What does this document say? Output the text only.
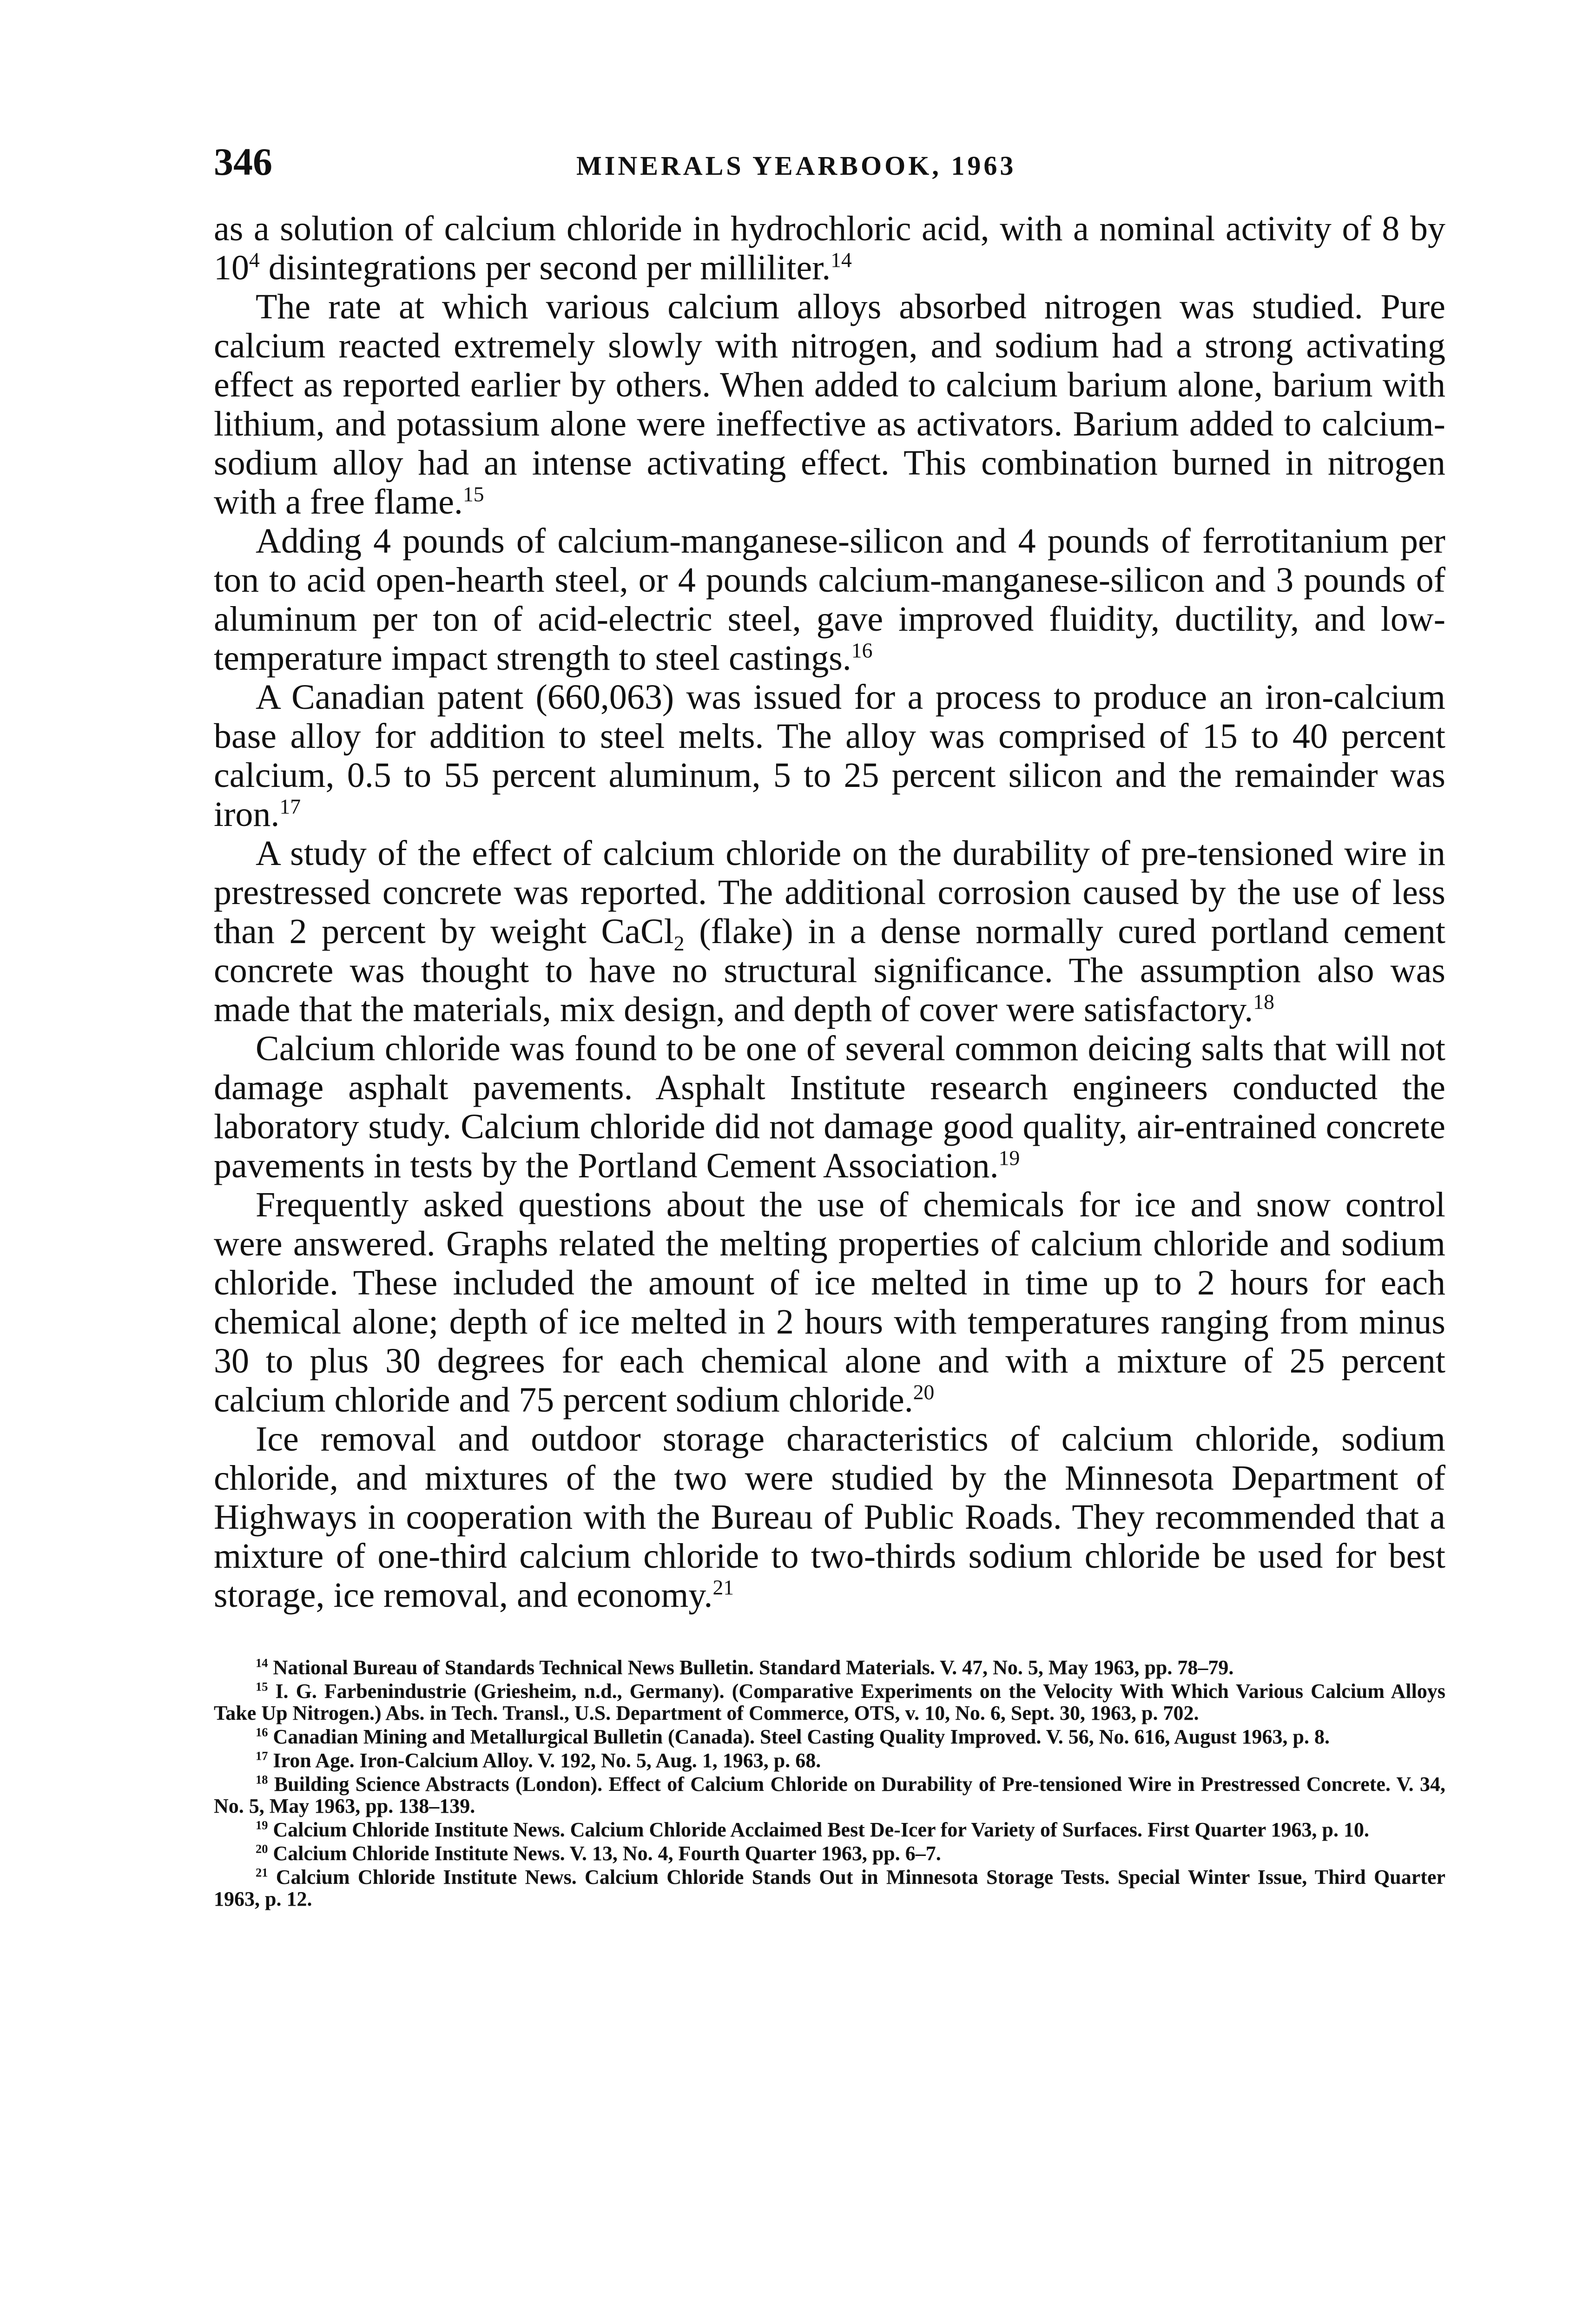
346	MINERALS YEARBOOK, 1963

as a solution of calcium chloride in hydrochloric acid, with a nominal activity of 8 by $10^4$ disintegrations per second per milliliter.$^{14}$

The rate at which various calcium alloys absorbed nitrogen was studied. Pure calcium reacted extremely slowly with nitrogen, and sodium had a strong activating effect as reported earlier by others. When added to calcium barium alone, barium with lithium, and potassium alone were ineffective as activators. Barium added to calcium-sodium alloy had an intense activating effect. This combination burned in nitrogen with a free flame.$^{15}$

Adding 4 pounds of calcium-manganese-silicon and 4 pounds of ferrotitanium per ton to acid open-hearth steel, or 4 pounds calcium-manganese-silicon and 3 pounds of aluminum per ton of acid-electric steel, gave improved fluidity, ductility, and low-temperature impact strength to steel castings.$^{16}$

A Canadian patent (660,063) was issued for a process to produce an iron-calcium base alloy for addition to steel melts. The alloy was comprised of 15 to 40 percent calcium, 0.5 to 55 percent aluminum, 5 to 25 percent silicon and the remainder was iron.$^{17}$

A study of the effect of calcium chloride on the durability of pre-tensioned wire in prestressed concrete was reported. The additional corrosion caused by the use of less than 2 percent by weight CaCl$_2$ (flake) in a dense normally cured portland cement concrete was thought to have no structural significance. The assumption also was made that the materials, mix design, and depth of cover were satisfactory.$^{18}$

Calcium chloride was found to be one of several common deicing salts that will not damage asphalt pavements. Asphalt Institute research engineers conducted the laboratory study. Calcium chloride did not damage good quality, air-entrained concrete pavements in tests by the Portland Cement Association.$^{19}$

Frequently asked questions about the use of chemicals for ice and snow control were answered. Graphs related the melting properties of calcium chloride and sodium chloride. These included the amount of ice melted in time up to 2 hours for each chemical alone; depth of ice melted in 2 hours with temperatures ranging from minus 30 to plus 30 degrees for each chemical alone and with a mixture of 25 percent calcium chloride and 75 percent sodium chloride.$^{20}$

Ice removal and outdoor storage characteristics of calcium chloride, sodium chloride, and mixtures of the two were studied by the Minnesota Department of Highways in cooperation with the Bureau of Public Roads. They recommended that a mixture of one-third calcium chloride to two-thirds sodium chloride be used for best storage, ice removal, and economy.$^{21}$

$^{14}$ National Bureau of Standards Technical News Bulletin. Standard Materials. V. 47, No. 5, May 1963, pp. 78–79.

$^{15}$ I. G. Farbenindustrie (Griesheim, n.d., Germany). (Comparative Experiments on the Velocity With Which Various Calcium Alloys Take Up Nitrogen.) Abs. in Tech. Transl., U.S. Department of Commerce, OTS, v. 10, No. 6, Sept. 30, 1963, p. 702.

$^{16}$ Canadian Mining and Metallurgical Bulletin (Canada). Steel Casting Quality Improved. V. 56, No. 616, August 1963, p. 8.

$^{17}$ Iron Age. Iron-Calcium Alloy. V. 192, No. 5, Aug. 1, 1963, p. 68.

$^{18}$ Building Science Abstracts (London). Effect of Calcium Chloride on Durability of Pre-tensioned Wire in Prestressed Concrete. V. 34, No. 5, May 1963, pp. 138–139.

$^{19}$ Calcium Chloride Institute News. Calcium Chloride Acclaimed Best De-Icer for Variety of Surfaces. First Quarter 1963, p. 10.

$^{20}$ Calcium Chloride Institute News. V. 13, No. 4, Fourth Quarter 1963, pp. 6–7.

$^{21}$ Calcium Chloride Institute News. Calcium Chloride Stands Out in Minnesota Storage Tests. Special Winter Issue, Third Quarter 1963, p. 12.
